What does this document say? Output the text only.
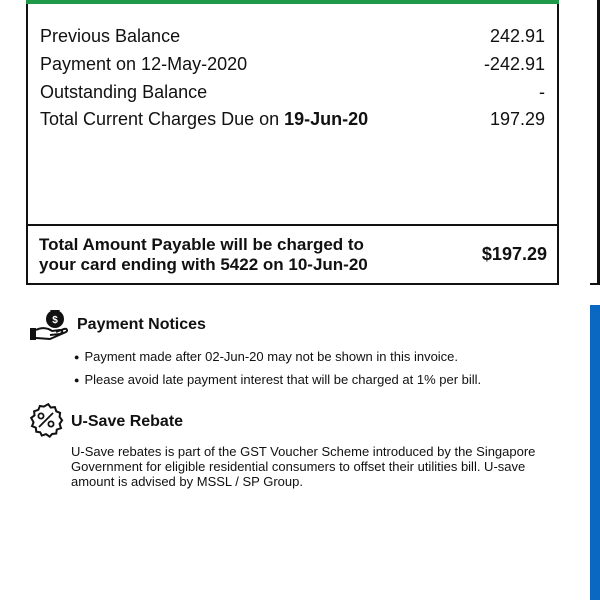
Previous Balance	242.91
Payment on 12-May-2020	-242.91
Outstanding Balance	-
Total Current Charges Due on 19-Jun-20	197.29
Total Amount Payable will be charged to
your card ending with 5422 on 10-Jun-20
$197.29
$ Payment Notices
● Payment made after 02-Jun-20 may not be shown in this invoice.
● Please avoid late payment interest that will be charged at 1% per bill.
U-Save Rebate
U-Save rebates is part of the GST Voucher Scheme introduced by the Singapore Government for eligible residential consumers to offset their utilities bill. U-save amount is advised by MSSL / SP Group.
